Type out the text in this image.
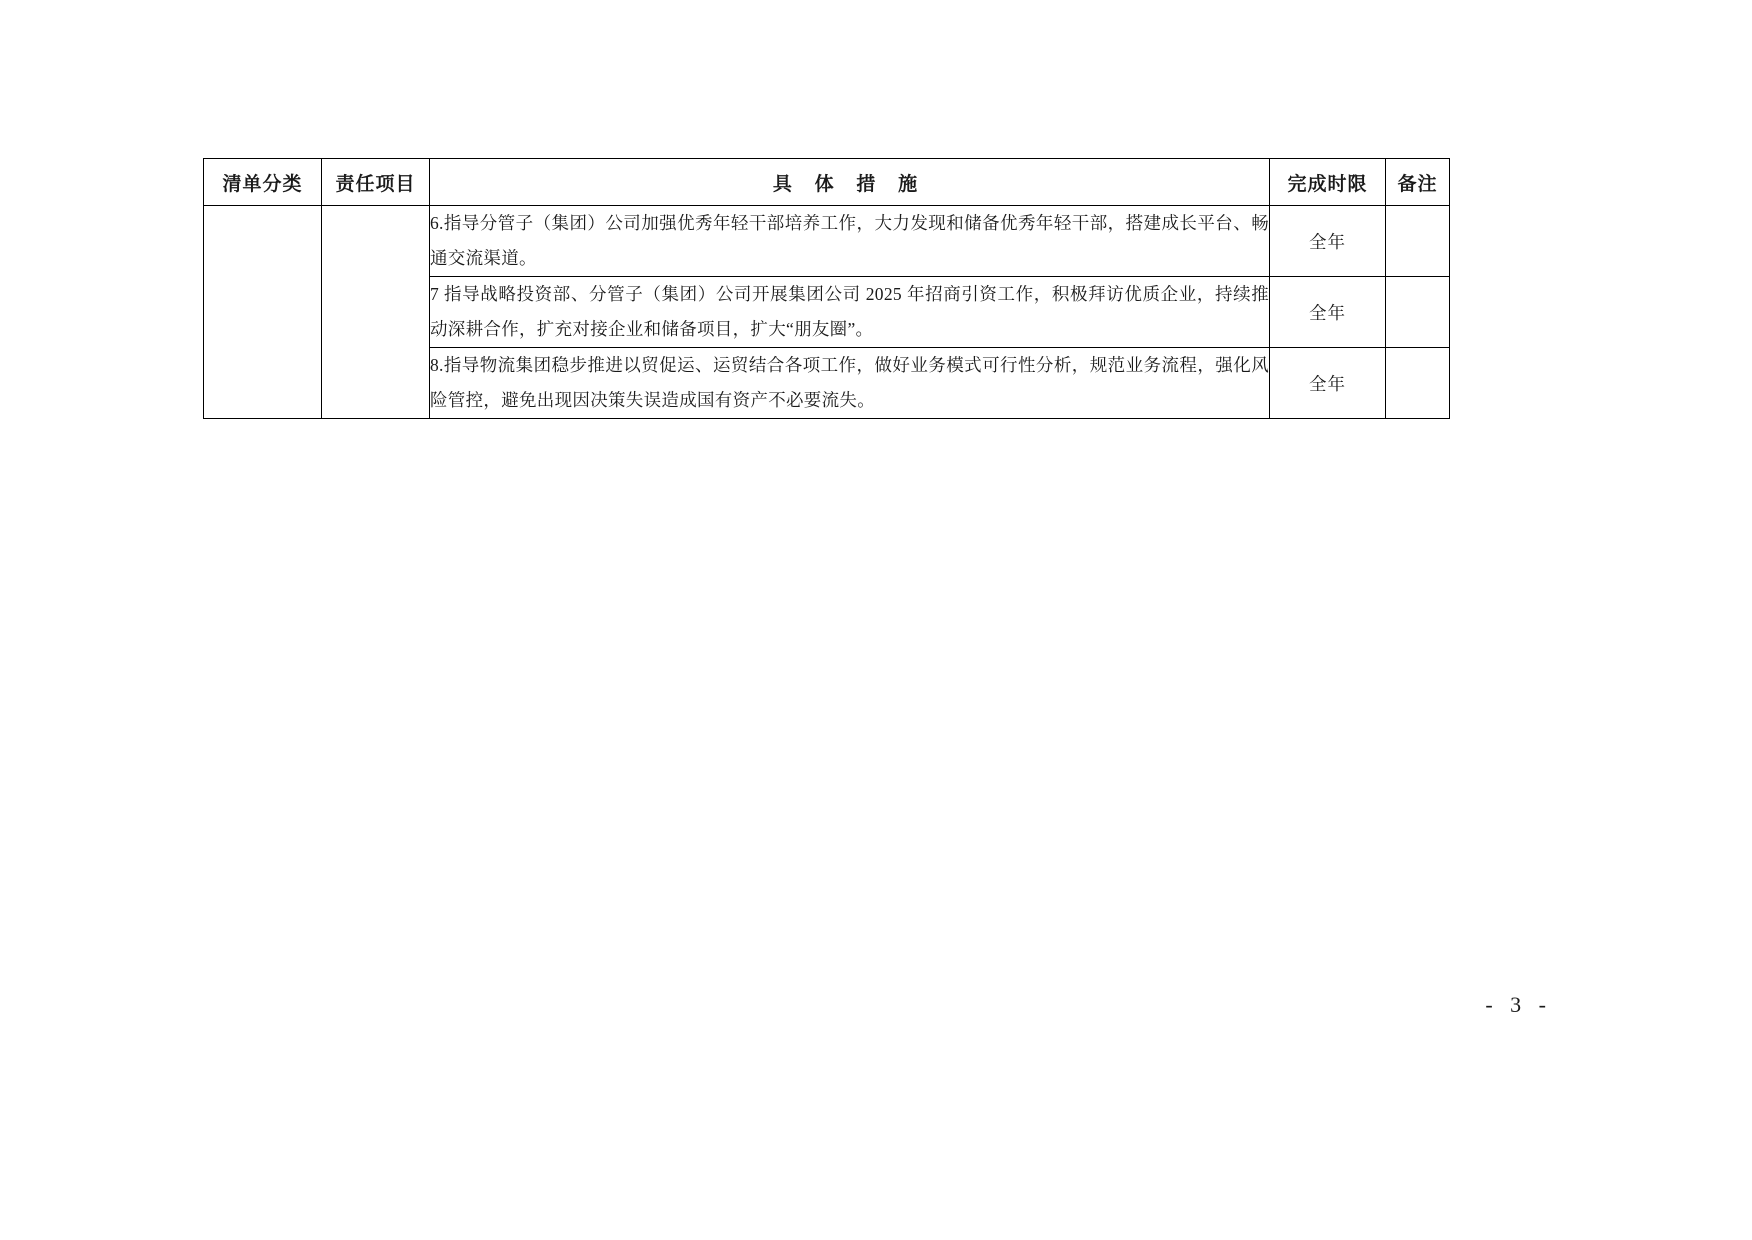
清单分类	责任项目	具 体 措 施	完成时限	备注
		6.指导分管子（集团）公司加强优秀年轻干部培养工作，大力发现和储备优秀年轻干部，搭建成长平台、畅通交流渠道。	全年	
		7 指导战略投资部、分管子（集团）公司开展集团公司 2025 年招商引资工作，积极拜访优质企业，持续推动深耕合作，扩充对接企业和储备项目，扩大“朋友圈”。	全年	
		8.指导物流集团稳步推进以贸促运、运贸结合各项工作，做好业务模式可行性分析，规范业务流程，强化风险管控，避免出现因决策失误造成国有资产不必要流失。	全年	
- 3 -
